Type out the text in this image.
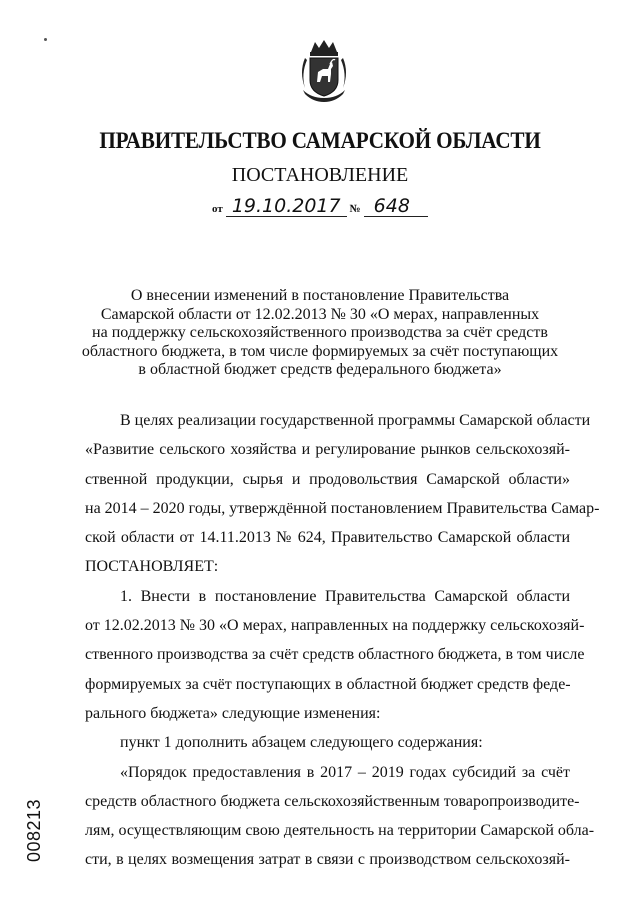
ПРАВИТЕЛЬСТВО САМАРСКОЙ ОБЛАСТИ
ПОСТАНОВЛЕНИЕ
от 19.10.2017 № 648
О внесении изменений в постановление Правительства
Самарской области от 12.02.2013 № 30 «О мерах, направленных
на поддержку сельскохозяйственного производства за счёт средств
областного бюджета, в том числе формируемых за счёт поступающих
в областной бюджет средств федерального бюджета»
В целях реализации государственной программы Самарской области
«Развитие сельского хозяйства и регулирование рынков сельскохозяй-
ственной продукции, сырья и продовольствия Самарской области»
на 2014 – 2020 годы, утверждённой постановлением Правительства Самар-
ской области от 14.11.2013 № 624, Правительство Самарской области
ПОСТАНОВЛЯЕТ:
1. Внести в постановление Правительства Самарской области
от 12.02.2013 № 30 «О мерах, направленных на поддержку сельскохозяй-
ственного производства за счёт средств областного бюджета, в том числе
формируемых за счёт поступающих в областной бюджет средств феде-
рального бюджета» следующие изменения:
пункт 1 дополнить абзацем следующего содержания:
«Порядок предоставления в 2017 – 2019 годах субсидий за счёт
средств областного бюджета сельскохозяйственным товаропроизводите-
лям, осуществляющим свою деятельность на территории Самарской обла-
сти, в целях возмещения затрат в связи с производством сельскохозяй-
008213
